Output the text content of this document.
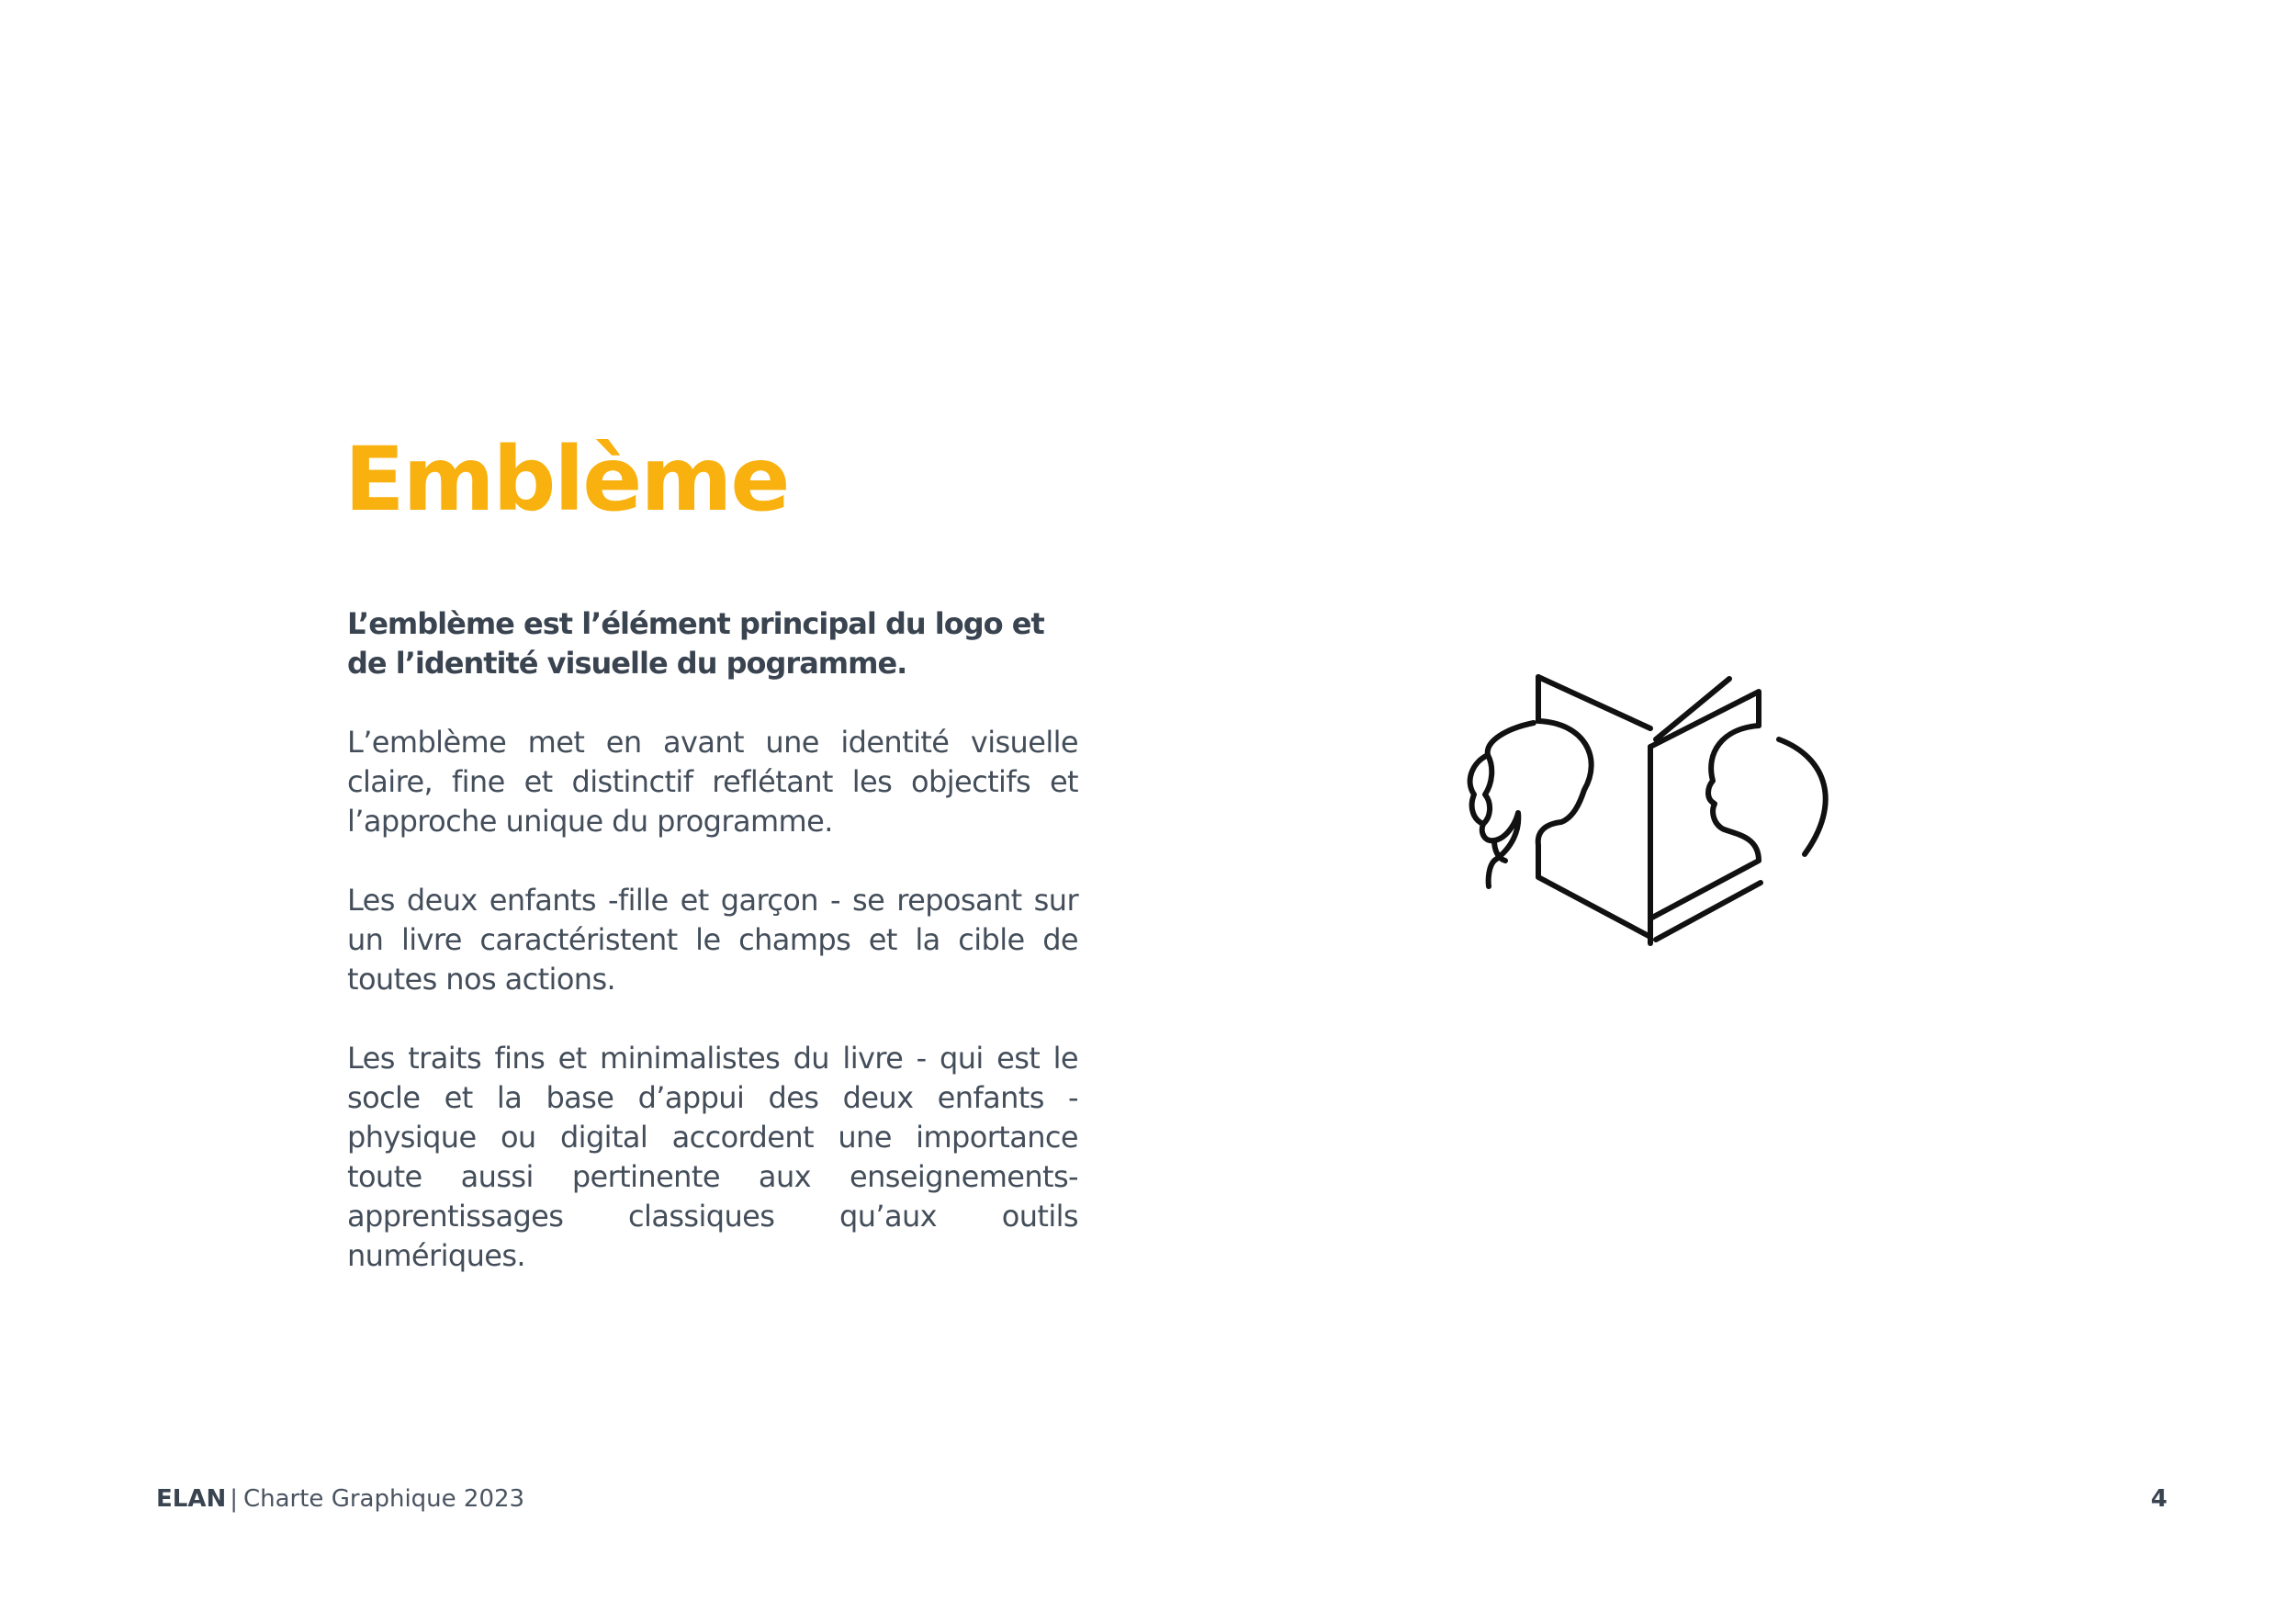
Emblème

L’emblème est l’élément principal du logo et de l’identité visuelle du pogramme.

L’emblème met en avant une identité visuelle claire, fine et distinctif reflétant les objectifs et l’approche unique du programme.

Les deux enfants -fille et garçon - se reposant sur un livre caractéristent le champs et la cible de toutes nos actions.

Les traits fins et minimalistes du livre - qui est le socle et la base d’appui des deux enfants - physique ou digital accordent une importance toute aussi pertinente aux enseignements-apprentissages classiques qu’aux outils numériques.

ELAN | Charte Graphique 2023	4
